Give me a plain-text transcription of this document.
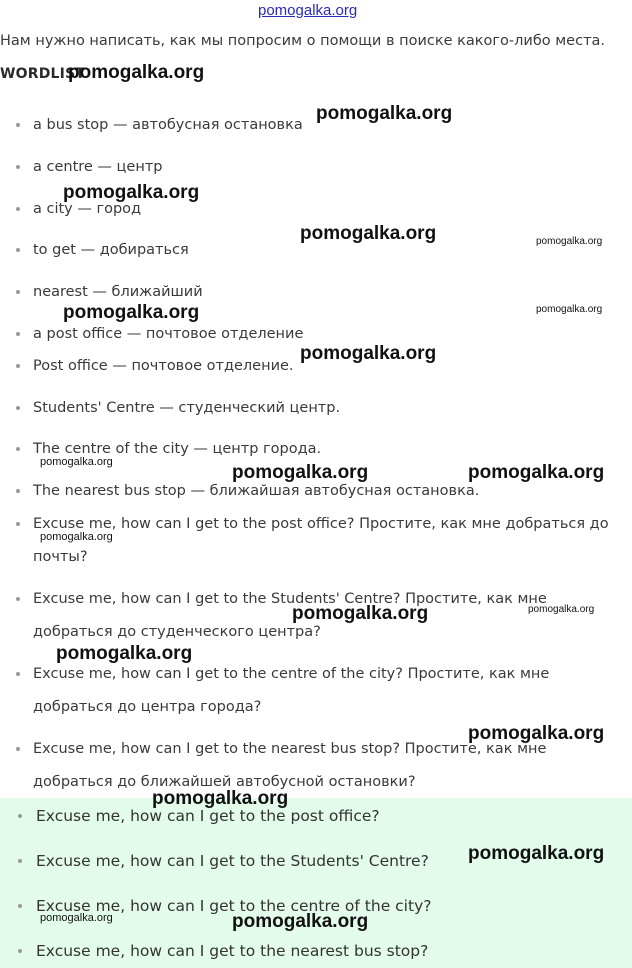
pomogalka.org
Нам нужно написать, как мы попросим о помощи в поиске какого-либо места.
WORDLIST
a bus stop — автобусная остановка
a centre — центр
a city — город
to get — добираться
nearest — ближайший
a post office — почтовое отделение
Post office — почтовое отделение.
Students' Centre — студенческий центр.
The centre of the city — центр города.
The nearest bus stop — ближайшая автобусная остановка.
Excuse me, how can I get to the post office? Простите, как мне добраться до
почты?
Excuse me, how can I get to the Students' Centre? Простите, как мне
добраться до студенческого центра?
Excuse me, how can I get to the centre of the city? Простите, как мне
добраться до центра города?
Excuse me, how can I get to the nearest bus stop? Простите, как мне
добраться до ближайшей автобусной остановки?
Excuse me, how can I get to the post office?
Excuse me, how can I get to the Students' Centre?
Excuse me, how can I get to the centre of the city?
Excuse me, how can I get to the nearest bus stop?
pomogalka.org
pomogalka.org
pomogalka.org
pomogalka.org	pomogalka.org
pomogalka.org	pomogalka.org
pomogalka.org
pomogalka.org	pomogalka.org	pomogalka.org
pomogalka.org
pomogalka.org	pomogalka.org
pomogalka.org
pomogalka.org
pomogalka.org
pomogalka.org
pomogalka.org	pomogalka.org
